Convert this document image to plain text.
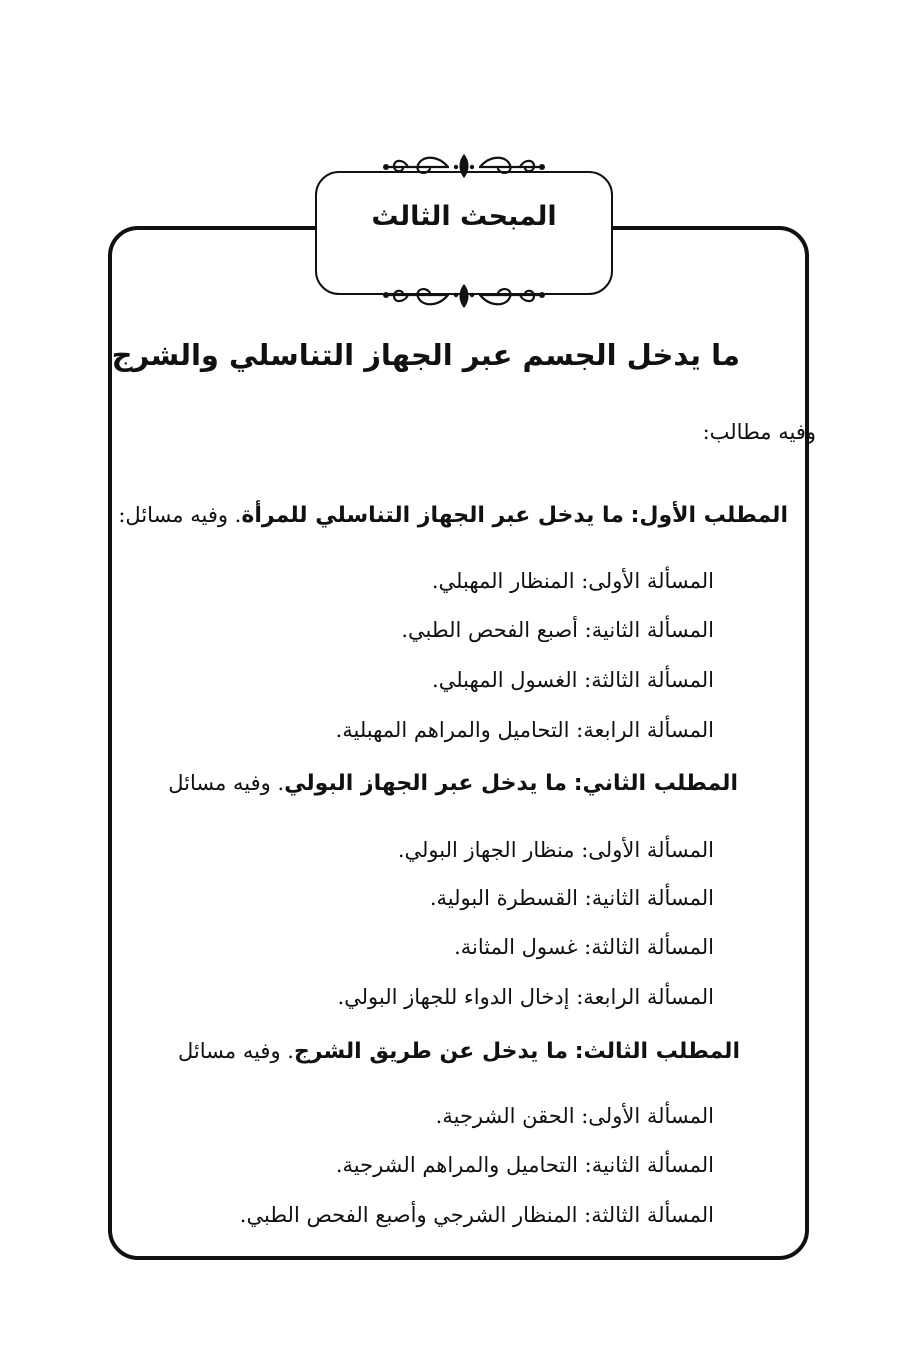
المبحث الثالث
ما يدخل الجسم عبر الجهاز التناسلي والشرج
وفيه مطالب:
المطلب الأول: ما يدخل عبر الجهاز التناسلي للمرأة. وفيه مسائل:
المسألة الأولى: المنظار المهبلي.
المسألة الثانية: أصبع الفحص الطبي.
المسألة الثالثة: الغسول المهبلي.
المسألة الرابعة: التحاميل والمراهم المهبلية.
المطلب الثاني: ما يدخل عبر الجهاز البولي. وفيه مسائل
المسألة الأولى: منظار الجهاز البولي.
المسألة الثانية: القسطرة البولية.
المسألة الثالثة: غسول المثانة.
المسألة الرابعة: إدخال الدواء للجهاز البولي.
المطلب الثالث: ما يدخل عن طريق الشرج. وفيه مسائل
المسألة الأولى: الحقن الشرجية.
المسألة الثانية: التحاميل والمراهم الشرجية.
المسألة الثالثة: المنظار الشرجي وأصبع الفحص الطبي.
